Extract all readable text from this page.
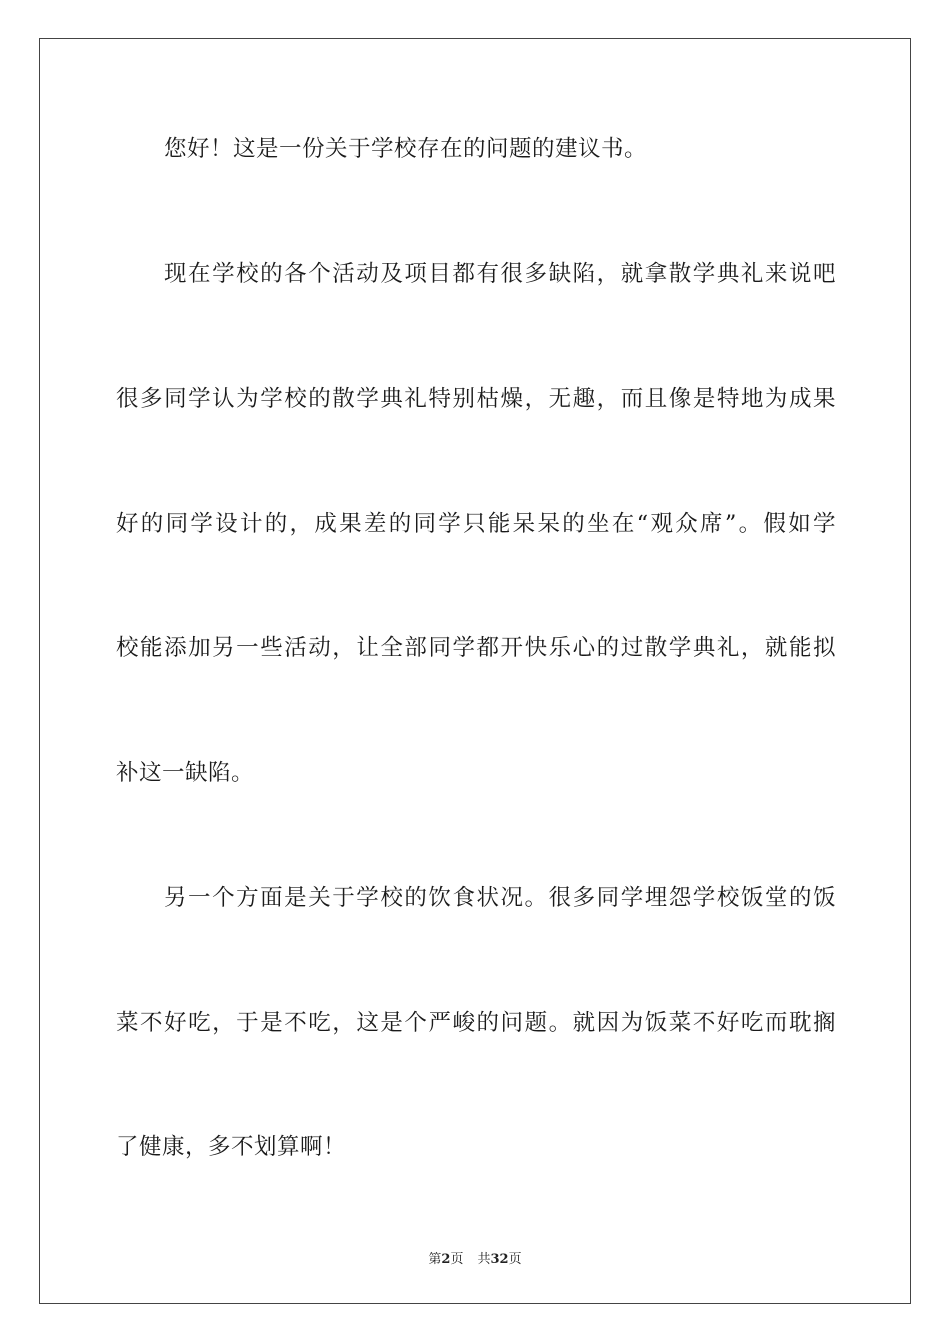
您好！这是一份关于学校存在的问题的建议书。
现在学校的各个活动及项目都有很多缺陷，就拿散学典礼来说吧
很多同学认为学校的散学典礼特别枯燥，无趣，而且像是特地为成果
好的同学设计的，成果差的同学只能呆呆的坐在“观众席”。假如学
校能添加另一些活动，让全部同学都开快乐心的过散学典礼，就能拟
补这一缺陷。
另一个方面是关于学校的饮食状况。很多同学埋怨学校饭堂的饭
菜不好吃，于是不吃，这是个严峻的问题。就因为饭菜不好吃而耽搁
了健康，多不划算啊！
第2页 共32页
